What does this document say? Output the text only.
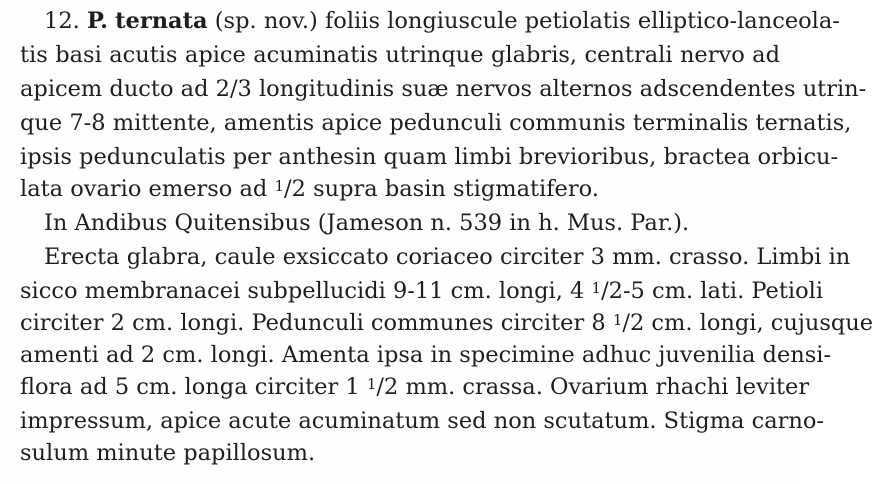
12. P. ternata (sp. nov.) foliis longiuscule petiolatis elliptico-lanceola-
tis basi acutis apice acuminatis utrinque glabris, centrali nervo ad
apicem ducto ad 2/3 longitudinis suæ nervos alternos adscendentes utrin-
que 7-8 mittente, amentis apice pedunculi communis terminalis ternatis,
ipsis pedunculatis per anthesin quam limbi brevioribus, bractea orbicu-
lata ovario emerso ad $^1$/2 supra basin stigmatifero.
In Andibus Quitensibus (Jameson n. 539 in h. Mus. Par.).
Erecta glabra, caule exsiccato coriaceo circiter 3 mm. crasso. Limbi in
sicco membranacei subpellucidi 9-11 cm. longi, 4 $^1$/2-5 cm. lati. Petioli
circiter 2 cm. longi. Pedunculi communes circiter 8 $^1$/2 cm. longi, cujusque
amenti ad 2 cm. longi. Amenta ipsa in specimine adhuc juvenilia densi-
flora ad 5 cm. longa circiter 1 $^1$/2 mm. crassa. Ovarium rhachi leviter
impressum, apice acute acuminatum sed non scutatum. Stigma carno-
sulum minute papillosum.
